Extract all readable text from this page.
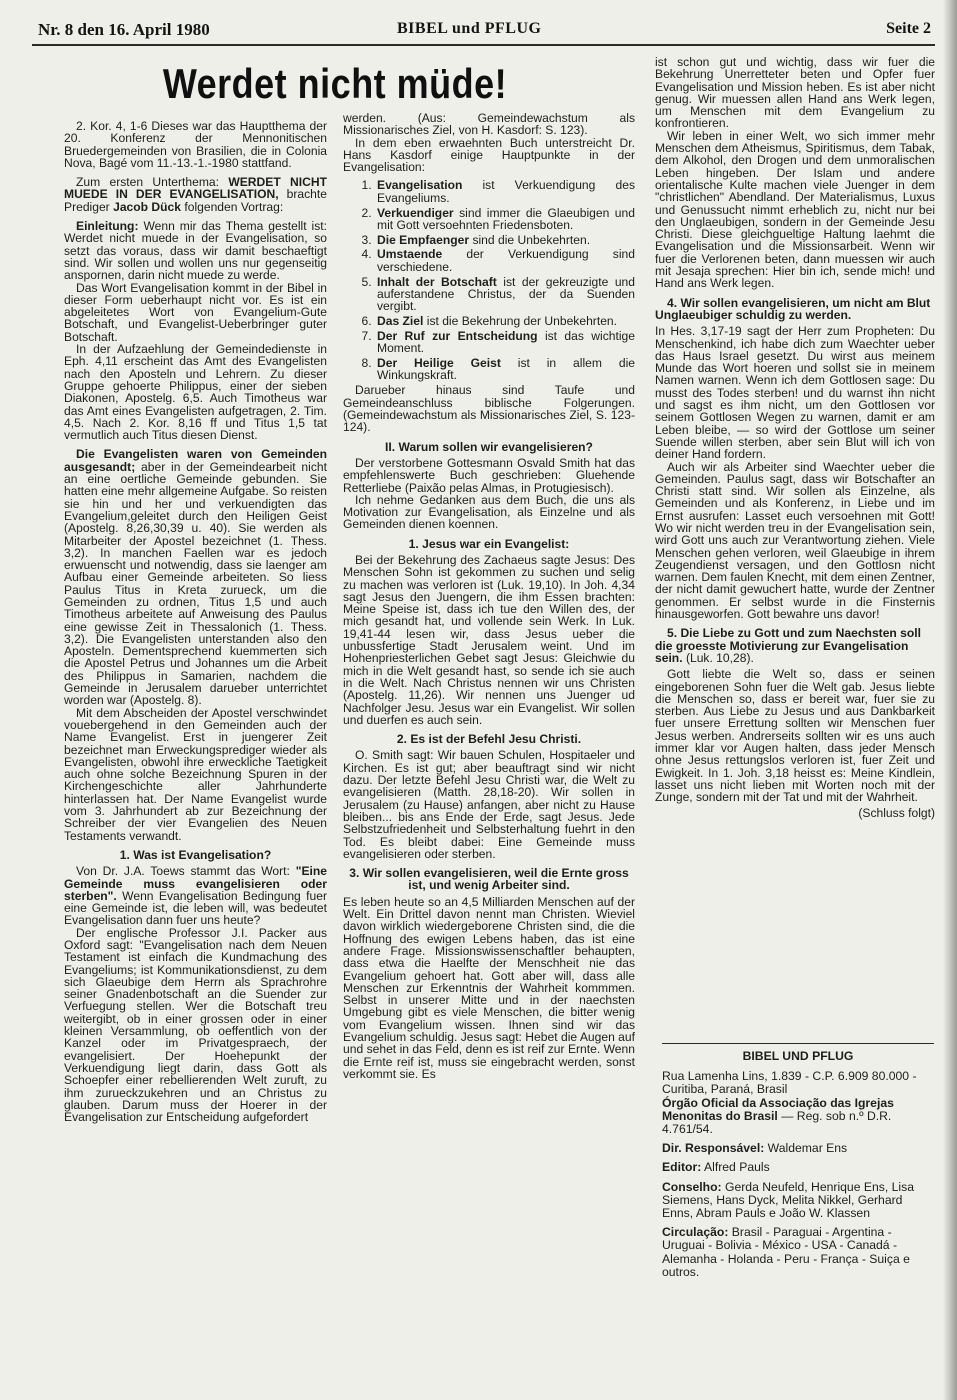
Nr. 8 den 16. April 1980	BIBEL und PFLUG	Seite 2
Werdet nicht müde!

2. Kor. 4, 1-6 Dieses war das Hauptthema der 20. Konferenz der Mennonitischen Bruedergemeinden von Brasilien, die in Colonia Nova, Bagé vom 11.-13.-1.-1980 stattfand.

Zum ersten Unterthema: WERDET NICHT MUEDE IN DER EVANGELISATION, brachte Prediger Jacob Dück folgenden Vortrag:

Einleitung: Wenn mir das Thema gestellt ist: Werdet nicht muede in der Evangelisation, so setzt das voraus, dass wir damit beschaeftigt sind. Wir sollen und wollen uns nur gegenseitig anspornen, darin nicht muede zu werde.

Das Wort Evangelisation kommt in der Bibel in dieser Form ueberhaupt nicht vor. Es ist ein abgeleitetes Wort von Evangelium-Gute Botschaft, und Evangelist-Ueberbringer guter Botschaft.

In der Aufzaehlung der Gemeindedienste in Eph. 4,11 erscheint das Amt des Evangelisten nach den Aposteln und Lehrern. Zu dieser Gruppe gehoerte Philippus, einer der sieben Diakonen, Apostelg. 6,5. Auch Timotheus war das Amt eines Evangelisten aufgetragen, 2. Tim. 4,5. Nach 2. Kor. 8,16 ff und Titus 1,5 tat vermutlich auch Titus diesen Dienst.

Die Evangelisten waren von Gemeinden ausgesandt; aber in der Gemeindearbeit nicht an eine oertliche Gemeinde gebunden. Sie hatten eine mehr allgemeine Aufgabe. So reisten sie hin und her und verkuendigten das Evangelium,geleitet durch den Heiligen Geist (Apostelg. 8,26,30,39 u. 40). Sie werden als Mitarbeiter der Apostel bezeichnet (1. Thess. 3,2). In manchen Faellen war es jedoch erwuenscht und notwendig, dass sie laenger am Aufbau einer Gemeinde arbeiteten. So liess Paulus Titus in Kreta zurueck, um die Gemeinden zu ordnen, Titus 1,5 und auch Timotheus arbeitete auf Anweisung des Paulus eine gewisse Zeit in Thessalonich (1. Thess. 3,2). Die Evangelisten unterstanden also den Aposteln. Dementsprechend kuemmerten sich die Apostel Petrus und Johannes um die Arbeit des Philippus in Samarien, nachdem die Gemeinde in Jerusalem darueber unterrichtet worden war (Apostelg. 8).

Mit dem Abscheiden der Apostel verschwindet vouebergehend in den Gemeinden auch der Name Evangelist. Erst in juengerer Zeit bezeichnet man Erweckungsprediger wieder als Evangelisten, obwohl ihre erweckliche Taetigkeit auch ohne solche Bezeichnung Spuren in der Kirchengeschichte aller Jahrhunderte hinterlassen hat. Der Name Evangelist wurde vom 3. Jahrhundert ab zur Bezeichnung der Schreiber der vier Evangelien des Neuen Testaments verwandt.

1. Was ist Evangelisation?

Von Dr. J.A. Toews stammt das Wort: "Eine Gemeinde muss evangelisieren oder sterben". Wenn Evangelisation Bedingung fuer eine Gemeinde ist, die leben will, was bedeutet Evangelisation dann fuer uns heute?

Der englische Professor J.I. Packer aus Oxford sagt: "Evangelisation nach dem Neuen Testament ist einfach die Kundmachung des Evangeliums; ist Kommunikationsdienst, zu dem sich Glaeubige dem Herrn als Sprachrohre seiner Gnadenbotschaft an die Suender zur Verfuegung stellen. Wer die Botschaft treu weitergibt, ob in einer grossen oder in einer kleinen Versammlung, ob oeffentlich von der Kanzel oder im Privatgespraech, der evangelisiert. Der Hoehepunkt der Verkuendigung liegt darin, dass Gott als Schoepfer einer rebellierenden Welt zuruft, zu ihm zurueckzukehren und an Christus zu glauben. Darum muss der Hoerer in der Evangelisation zur Entscheidung aufgefordert

werden. (Aus: Gemeindewachstum als Missionarisches Ziel, von H. Kasdorf: S. 123).

In dem eben erwaehnten Buch unterstreicht Dr. Hans Kasdorf einige Hauptpunkte in der Evangelisation:

1. Evangelisation ist Verkuendigung des Evangeliums.
2. Verkuendiger sind immer die Glaeubigen und mit Gott versoehnten Friedensboten.
3. Die Empfaenger sind die Unbekehrten.
4. Umstaende der Verkuendigung sind verschiedene.
5. Inhalt der Botschaft ist der gekreuzigte und auferstandene Christus, der da Suenden vergibt.
6. Das Ziel ist die Bekehrung der Unbekehrten.
7. Der Ruf zur Entscheidung ist das wichtige Moment.
8. Der Heilige Geist ist in allem die Winkungskraft.

Darueber hinaus sind Taufe und Gemeindeanschluss biblische Folgerungen. (Gemeindewachstum als Missionarisches Ziel, S. 123-124).

II. Warum sollen wir evangelisieren?

Der verstorbene Gottesmann Osvald Smith hat das empfehlenswerte Buch geschrieben: Gluehende Retterliebe (Paixão pelas Almas, in Protugiesisch).

Ich nehme Gedanken aus dem Buch, die uns als Motivation zur Evangelisation, als Einzelne und als Gemeinden dienen koennen.

1. Jesus war ein Evangelist:

Bei der Bekehrung des Zachaeus sagte Jesus: Des Menschen Sohn ist gekommen zu suchen und selig zu machen was verloren ist (Luk. 19,10). In Joh. 4,34 sagt Jesus den Juengern, die ihm Essen brachten: Meine Speise ist, dass ich tue den Willen des, der mich gesandt hat, und vollende sein Werk. In Luk. 19,41-44 lesen wir, dass Jesus ueber die unbussfertige Stadt Jerusalem weint. Und im Hohenpriesterlichen Gebet sagt Jesus: Gleichwie du mich in die Welt gesandt hast, so sende ich sie auch in die Welt. Nach Christus nennen wir uns Christen (Apostelg. 11,26). Wir nennen uns Juenger ud Nachfolger Jesu. Jesus war ein Evangelist. Wir sollen und duerfen es auch sein.

2. Es ist der Befehl Jesu Christi.

O. Smith sagt: Wir bauen Schulen, Hospitaeler und Kirchen. Es ist gut; aber beauftragt sind wir nicht dazu. Der letzte Befehl Jesu Christi war, die Welt zu evangelisieren (Matth. 28,18-20). Wir sollen in Jerusalem (zu Hause) anfangen, aber nicht zu Hause bleiben... bis ans Ende der Erde, sagt Jesus. Jede Selbstzufriedenheit und Selbsterhaltung fuehrt in den Tod. Es bleibt dabei: Eine Gemeinde muss evangelisieren oder sterben.

3. Wir sollen evangelisieren, weil die Ernte gross ist, und wenig Arbeiter sind.

Es leben heute so an 4,5 Milliarden Menschen auf der Welt. Ein Drittel davon nennt man Christen. Wieviel davon wirklich wiedergeborene Christen sind, die die Hoffnung des ewigen Lebens haben, das ist eine andere Frage. Missionswissenschaftler behaupten, dass etwa die Haelfte der Menschheit nie das Evangelium gehoert hat. Gott aber will, dass alle Menschen zur Erkenntnis der Wahrheit kommmen. Selbst in unserer Mitte und in der naechsten Umgebung gibt es viele Menschen, die bitter wenig vom Evangelium wissen. Ihnen sind wir das Evangelium schuldig. Jesus sagt: Hebet die Augen auf und sehet in das Feld, denn es ist reif zur Ernte. Wenn die Ernte reif ist, muss sie eingebracht werden, sonst verkommt sie. Es

ist schon gut und wichtig, dass wir fuer die Bekehrung Unerretteter beten und Opfer fuer Evangelisation und Mission heben. Es ist aber nicht genug. Wir muessen allen Hand ans Werk legen, um Menschen mit dem Evangelium zu konfrontieren.

Wir leben in einer Welt, wo sich immer mehr Menschen dem Atheismus, Spiritismus, dem Tabak, dem Alkohol, den Drogen und dem unmoralischen Leben hingeben. Der Islam und andere orientalische Kulte machen viele Juenger in dem "christlichen" Abendland. Der Materialismus, Luxus und Genussucht nimmt erheblich zu, nicht nur bei den Unglaeubigen, sondern in der Gemeinde Jesu Christi. Diese gleichgueltige Haltung laehmt die Evangelisation und die Missionsarbeit. Wenn wir fuer die Verlorenen beten, dann muessen wir auch mit Jesaja sprechen: Hier bin ich, sende mich! und Hand ans Werk legen.

4. Wir sollen evangelisieren, um nicht am Blut Unglaeubiger schuldig zu werden.

In Hes. 3,17-19 sagt der Herr zum Propheten: Du Menschenkind, ich habe dich zum Waechter ueber das Haus Israel gesetzt. Du wirst aus meinem Munde das Wort hoeren und sollst sie in meinem Namen warnen. Wenn ich dem Gottlosen sage: Du musst des Todes sterben! und du warnst ihn nicht und sagst es ihm nicht, um den Gottlosen vor seinem Gottlosen Wegen zu warnen, damit er am Leben bleibe, — so wird der Gottlose um seiner Suende willen sterben, aber sein Blut will ich von deiner Hand fordern.

Auch wir als Arbeiter sind Waechter ueber die Gemeinden. Paulus sagt, dass wir Botschafter an Christi statt sind. Wir sollen als Einzelne, als Gemeinden und als Konferenz, in Liebe und im Ernst ausrufen: Lasset euch versoehnen mit Gott! Wo wir nicht werden treu in der Evangelisation sein, wird Gott uns auch zur Verantwortung ziehen. Viele Menschen gehen verloren, weil Glaeubige in ihrem Zeugendienst versagen, und den Gottlosn nicht warnen. Dem faulen Knecht, mit dem einen Zentner, der nicht damit gewuchert hatte, wurde der Zentner genommen. Er selbst wurde in die Finsternis hinausgeworfen. Gott bewahre uns davor!

5. Die Liebe zu Gott und zum Naechsten soll die groesste Motivierung zur Evangelisation sein. (Luk. 10,28).

Gott liebte die Welt so, dass er seinen eingeborenen Sohn fuer die Welt gab. Jesus liebte die Menschen so, dass er bereit war, fuer sie zu sterben. Aus Liebe zu Jesus und aus Dankbarkeit fuer unsere Errettung sollten wir Menschen fuer Jesus werben. Andrerseits sollten wir es uns auch immer klar vor Augen halten, dass jeder Mensch ohne Jesus rettungslos verloren ist, fuer Zeit und Ewigkeit. In 1. Joh. 3,18 heisst es: Meine Kindlein, lasset uns nicht lieben mit Worten noch mit der Zunge, sondern mit der Tat und mit der Wahrheit.

(Schluss folgt)
BIBEL UND PFLUG
Rua Lamenha Lins, 1.839 - C.P. 6.909 80.000 - Curitiba, Paraná, Brasil
Órgão Oficial da Associação das Igrejas Menonitas do Brasil — Reg. sob n.º D.R. 4.761/54.
Dir. Responsável: Waldemar Ens
Editor: Alfred Pauls
Conselho: Gerda Neufeld, Henrique Ens, Lisa Siemens, Hans Dyck, Melita Nikkel, Gerhard Enns, Abram Pauls e João W. Klassen
Circulação: Brasil - Paraguai - Argentina - Uruguai - Bolivia - México - USA - Canadá - Alemanha - Holanda - Peru - França - Suiça e outros.
